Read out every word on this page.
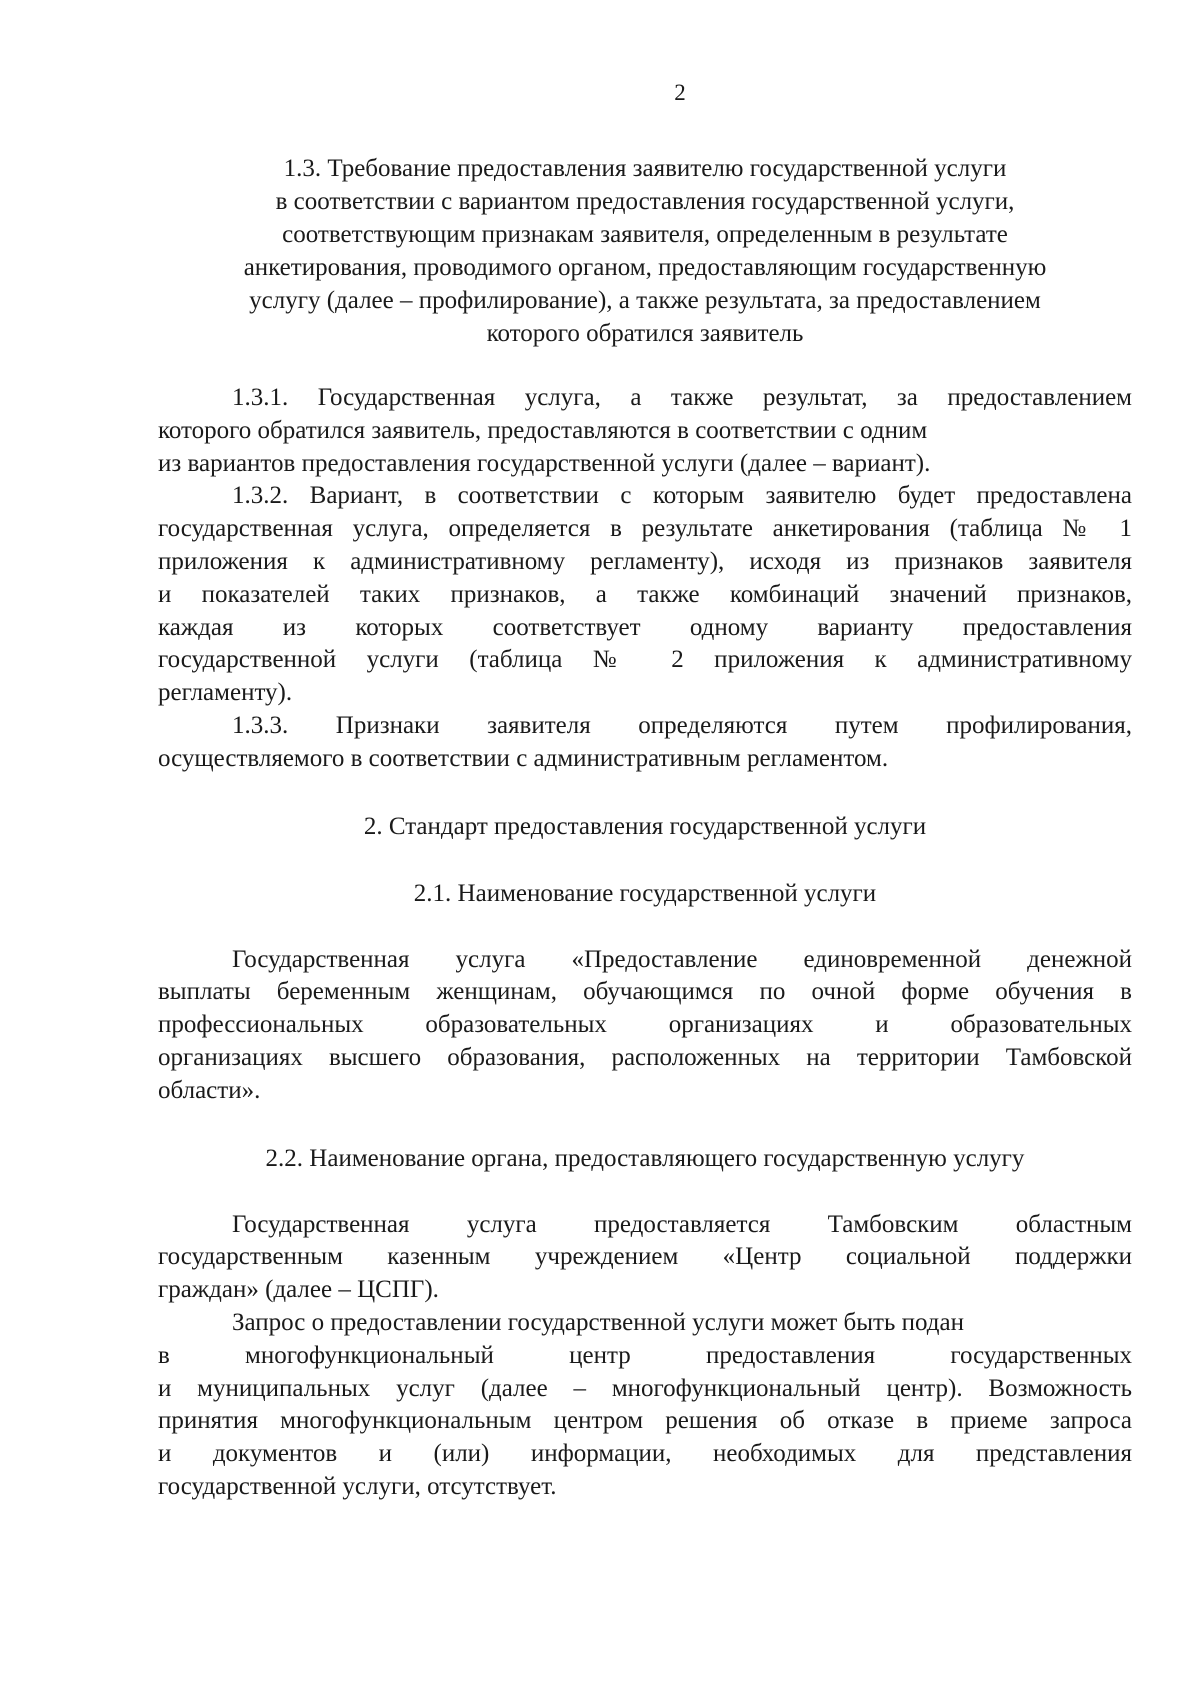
2
1.3. Требование предоставления заявителю государственной услуги
в соответствии с вариантом предоставления государственной услуги,
соответствующим признакам заявителя, определенным в результате
анкетирования, проводимого органом, предоставляющим государственную
услугу (далее – профилирование), а также результата, за предоставлением
которого обратился заявитель
1.3.1. Государственная услуга, а также результат, за предоставлением
которого обратился заявитель, предоставляются в соответствии с одним
из вариантов предоставления государственной услуги (далее – вариант).
1.3.2. Вариант, в соответствии с которым заявителю будет предоставлена
государственная услуга, определяется в результате анкетирования (таблица № 1
приложения к административному регламенту), исходя из признаков заявителя
и показателей таких признаков, а также комбинаций значений признаков,
каждая из которых соответствует одному варианту предоставления
государственной услуги (таблица № 2 приложения к административному
регламенту).
1.3.3. Признаки заявителя определяются путем профилирования,
осуществляемого в соответствии с административным регламентом.
2. Стандарт предоставления государственной услуги
2.1. Наименование государственной услуги
Государственная услуга «Предоставление единовременной денежной
выплаты беременным женщинам, обучающимся по очной форме обучения в
профессиональных образовательных организациях и образовательных
организациях высшего образования, расположенных на территории Тамбовской
области».
2.2. Наименование органа, предоставляющего государственную услугу
Государственная услуга предоставляется Тамбовским областным
государственным казенным учреждением «Центр социальной поддержки
граждан» (далее – ЦСПГ).
Запрос о предоставлении государственной услуги может быть подан
в многофункциональный центр предоставления государственных
и муниципальных услуг (далее – многофункциональный центр). Возможность
принятия многофункциональным центром решения об отказе в приеме запроса
и документов и (или) информации, необходимых для представления
государственной услуги, отсутствует.
